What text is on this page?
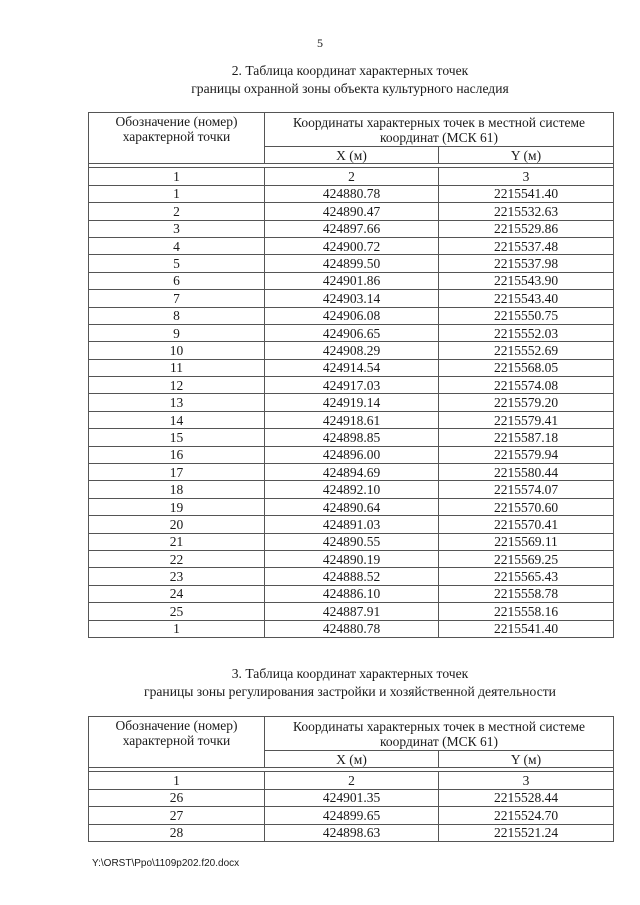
5
2. Таблица координат характерных точек
границы охранной зоны объекта культурного наследия
Обозначение (номер) характерной точки	Координаты характерных точек в местной системе координат (МСК 61)	
	X (м)	Y (м)

1	2	3
1	424880.78	2215541.40
2	424890.47	2215532.63
3	424897.66	2215529.86
4	424900.72	2215537.48
5	424899.50	2215537.98
6	424901.86	2215543.90
7	424903.14	2215543.40
8	424906.08	2215550.75
9	424906.65	2215552.03
10	424908.29	2215552.69
11	424914.54	2215568.05
12	424917.03	2215574.08
13	424919.14	2215579.20
14	424918.61	2215579.41
15	424898.85	2215587.18
16	424896.00	2215579.94
17	424894.69	2215580.44
18	424892.10	2215574.07
19	424890.64	2215570.60
20	424891.03	2215570.41
21	424890.55	2215569.11
22	424890.19	2215569.25
23	424888.52	2215565.43
24	424886.10	2215558.78
25	424887.91	2215558.16
1	424880.78	2215541.40
3. Таблица координат характерных точек
границы зоны регулирования застройки и хозяйственной деятельности
Обозначение (номер) характерной точки	Координаты характерных точек в местной системе координат (МСК 61)	
	X (м)	Y (м)

1	2	3
26	424901.35	2215528.44
27	424899.65	2215524.70
28	424898.63	2215521.24
Y:\ORST\Ppo\1109p202.f20.docx
